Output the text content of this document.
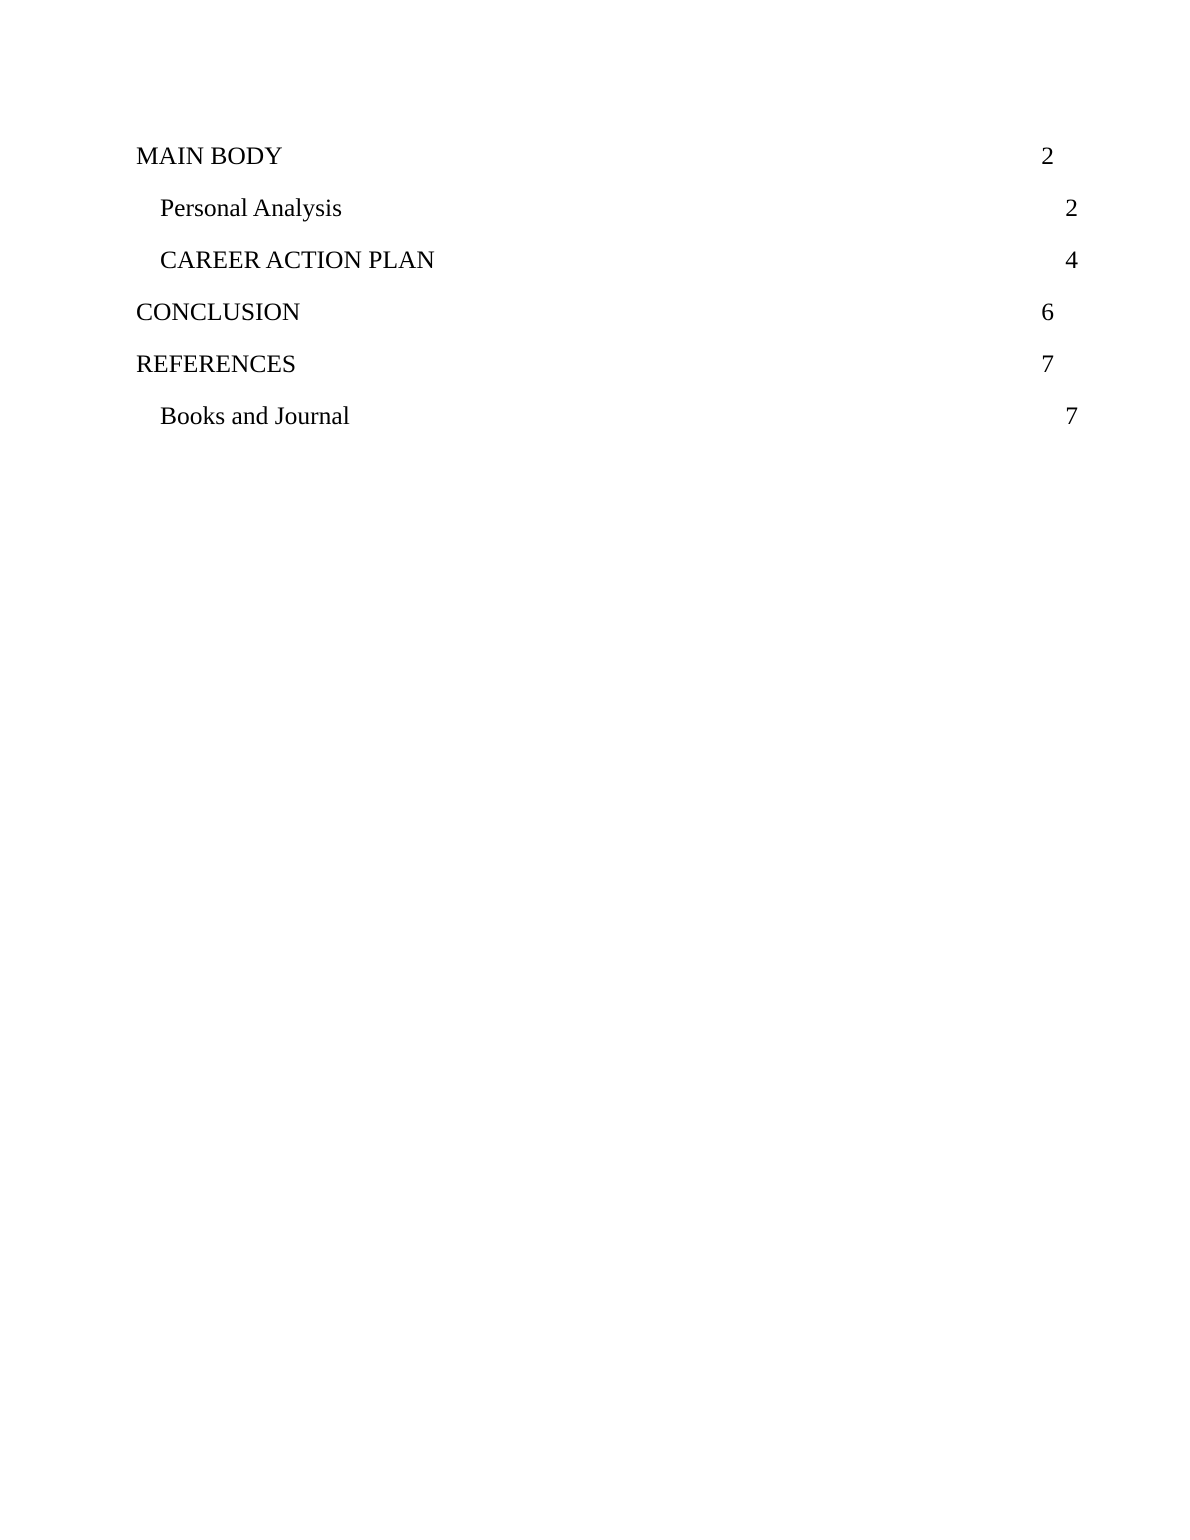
MAIN BODY .....	2
Personal Analysis .....	2
CAREER ACTION PLAN .....	4
CONCLUSION .....	6
REFERENCES .....	7
Books and Journal .....	7
